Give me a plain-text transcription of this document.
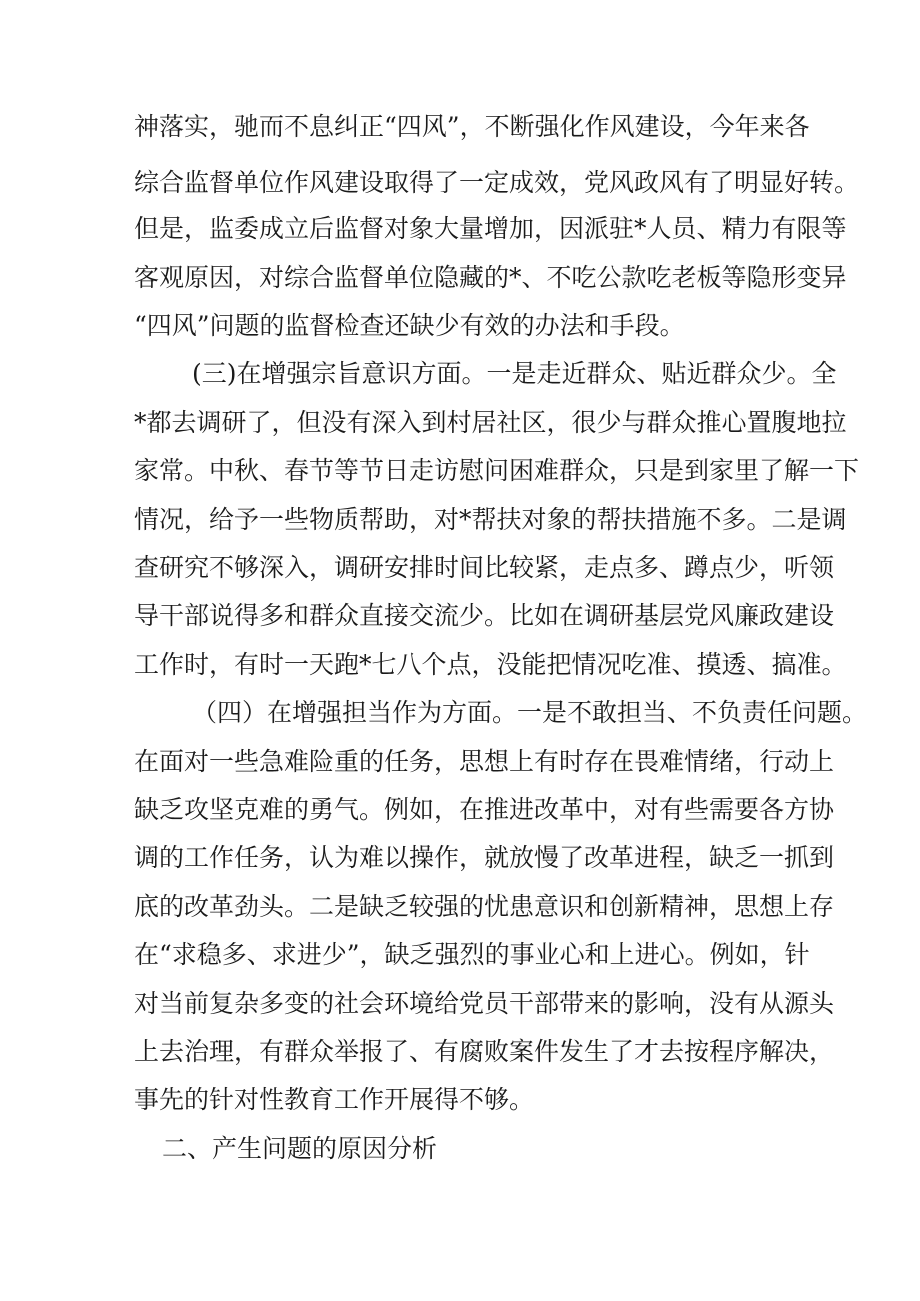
神落实，驰而不息纠正“四风”，不断强化作风建设，今年来各
综合监督单位作风建设取得了一定成效，党风政风有了明显好转。
但是，监委成立后监督对象大量增加，因派驻*人员、精力有限等
客观原因，对综合监督单位隐藏的*、不吃公款吃老板等隐形变异
“四风”问题的监督检查还缺少有效的办法和手段。
(三)在增强宗旨意识方面。一是走近群众、贴近群众少。全
*都去调研了，但没有深入到村居社区，很少与群众推心置腹地拉
家常。中秋、春节等节日走访慰问困难群众，只是到家里了解一下
情况，给予一些物质帮助，对*帮扶对象的帮扶措施不多。二是调
查研究不够深入，调研安排时间比较紧，走点多、蹲点少，听领
导干部说得多和群众直接交流少。比如在调研基层党风廉政建设
工作时，有时一天跑*七八个点，没能把情况吃准、摸透、搞准。
（四）在增强担当作为方面。一是不敢担当、不负责任问题。
在面对一些急难险重的任务，思想上有时存在畏难情绪，行动上
缺乏攻坚克难的勇气。例如，在推进改革中，对有些需要各方协
调的工作任务，认为难以操作，就放慢了改革进程，缺乏一抓到
底的改革劲头。二是缺乏较强的忧患意识和创新精神，思想上存
在“求稳多、求进少”，缺乏强烈的事业心和上进心。例如，针
对当前复杂多变的社会环境给党员干部带来的影响，没有从源头
上去治理，有群众举报了、有腐败案件发生了才去按程序解决，
事先的针对性教育工作开展得不够。
二、产生问题的原因分析
